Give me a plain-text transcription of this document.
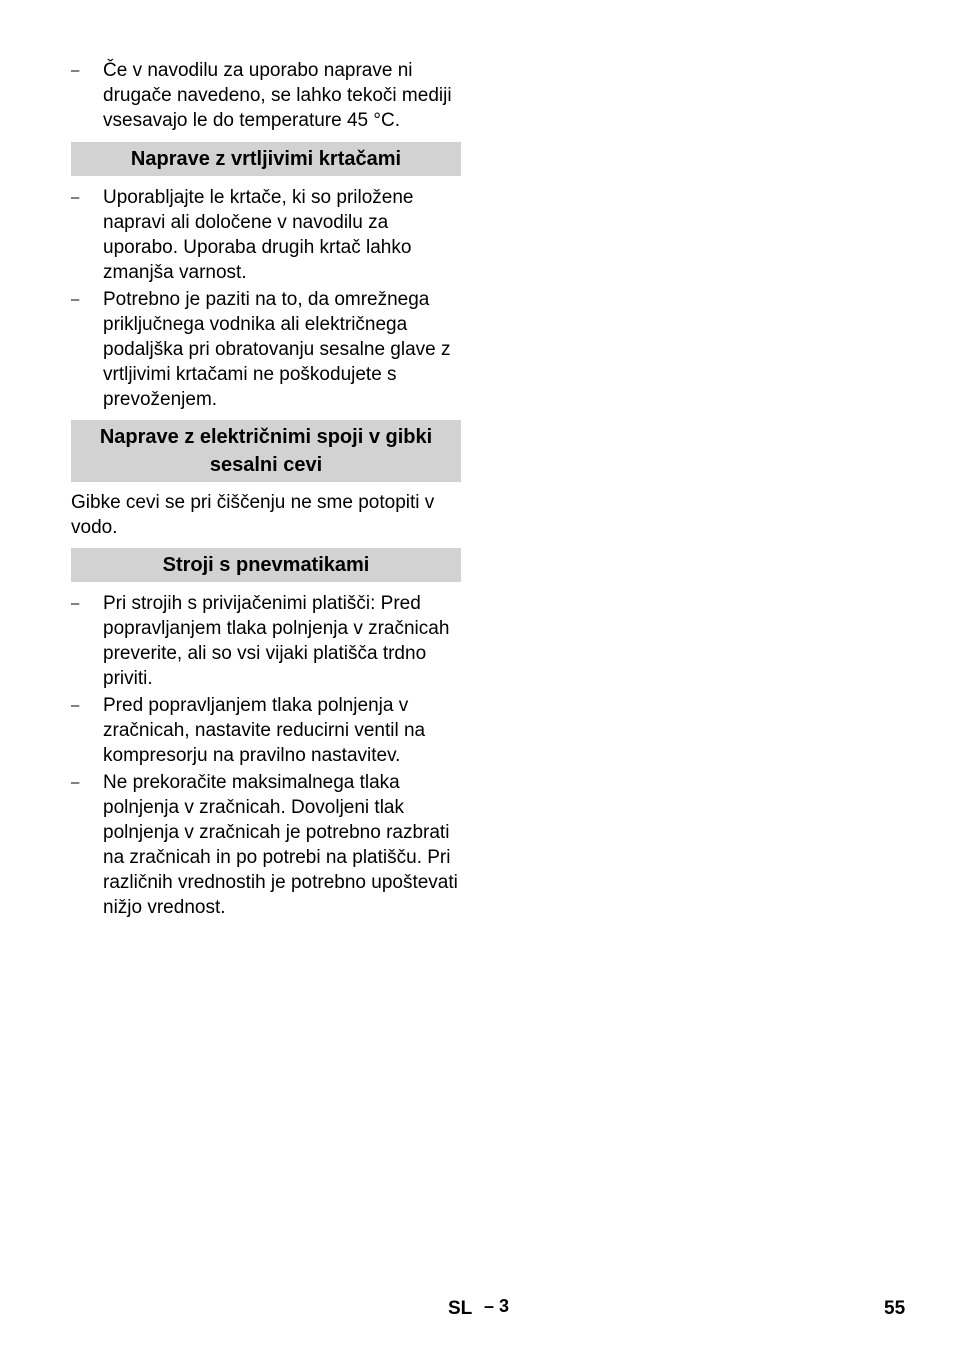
– Če v navodilu za uporabo naprave ni drugače navedeno, se lahko tekoči mediji vsesavajo le do temperature 45 °C.
Naprave z vrtljivimi krtačami
– Uporabljajte le krtače, ki so priložene napravi ali določene v navodilu za uporabo. Uporaba drugih krtač lahko zmanjša varnost.
– Potrebno je paziti na to, da omrežnega priključnega vodnika ali električnega podaljška pri obratovanju sesalne glave z vrtljivimi krtačami ne poškodujete s prevoženjem.
Naprave z električnimi spoji v gibki sesalni cevi
Gibke cevi se pri čiščenju ne sme potopiti v vodo.
Stroji s pnevmatikami
– Pri strojih s privijačenimi platišči: Pred popravljanjem tlaka polnjenja v zračnicah preverite, ali so vsi vijaki platišča trdno priviti.
– Pred popravljanjem tlaka polnjenja v zračnicah, nastavite reducirni ventil na kompresorju na pravilno nastavitev.
– Ne prekoračite maksimalnega tlaka polnjenja v zračnicah. Dovoljeni tlak polnjenja v zračnicah je potrebno razbrati na zračnicah in po potrebi na platišču. Pri različnih vrednostih je potrebno upoštevati nižjo vrednost.
SL – 3	55
